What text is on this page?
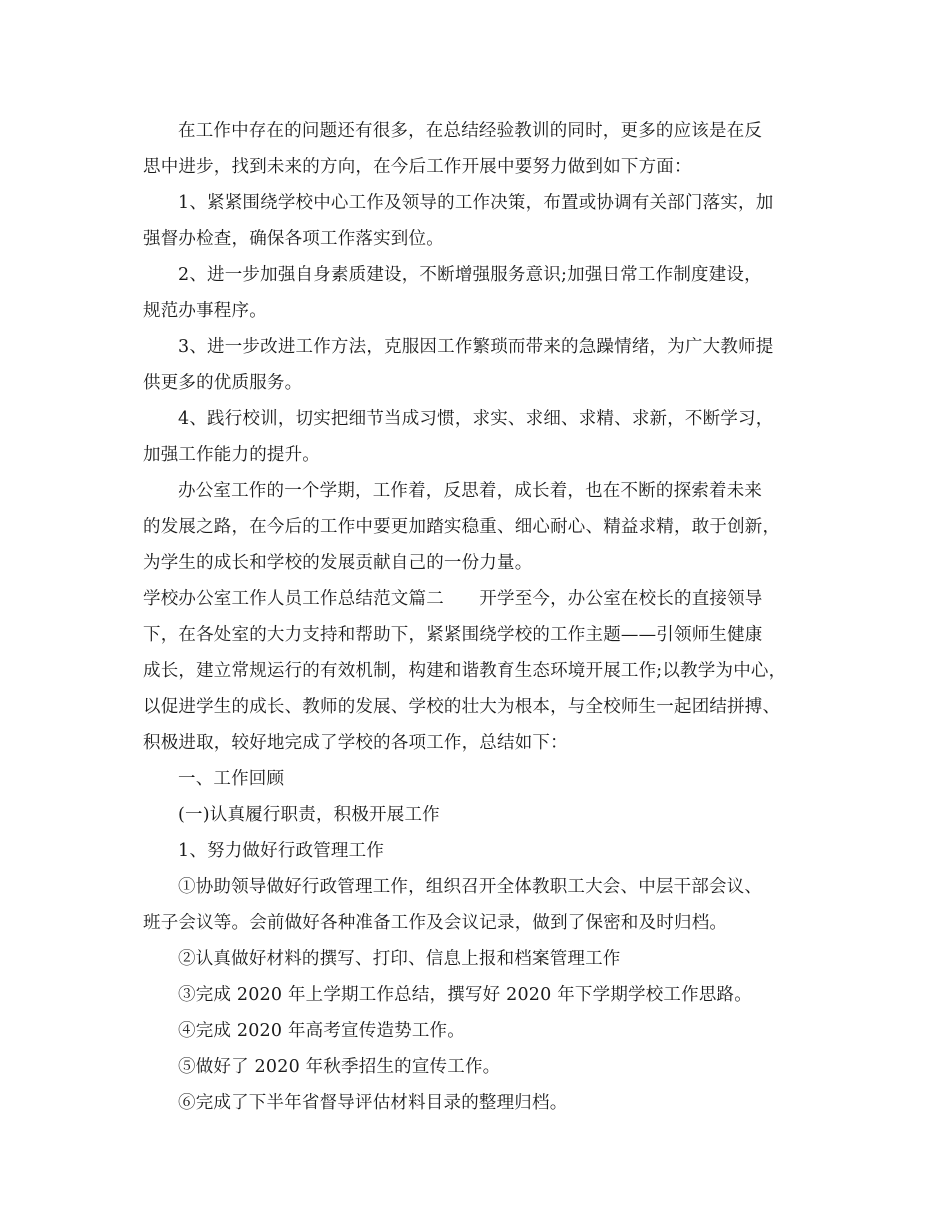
在工作中存在的问题还有很多，在总结经验教训的同时，更多的应该是在反
思中进步，找到未来的方向，在今后工作开展中要努力做到如下方面：

1、紧紧围绕学校中心工作及领导的工作决策，布置或协调有关部门落实，加
强督办检查，确保各项工作落实到位。

2、进一步加强自身素质建设，不断增强服务意识;加强日常工作制度建设，
规范办事程序。

3、进一步改进工作方法，克服因工作繁琐而带来的急躁情绪，为广大教师提
供更多的优质服务。

4、践行校训，切实把细节当成习惯，求实、求细、求精、求新，不断学习，
加强工作能力的提升。

办公室工作的一个学期，工作着，反思着，成长着，也在不断的探索着未来
的发展之路，在今后的工作中要更加踏实稳重、细心耐心、精益求精，敢于创新，
为学生的成长和学校的发展贡献自己的一份力量。

学校办公室工作人员工作总结范文篇二　　开学至今，办公室在校长的直接领导
下，在各处室的大力支持和帮助下，紧紧围绕学校的工作主题——引领师生健康
成长，建立常规运行的有效机制，构建和谐教育生态环境开展工作;以教学为中心，
以促进学生的成长、教师的发展、学校的壮大为根本，与全校师生一起团结拼搏、
积极进取，较好地完成了学校的各项工作，总结如下：

一、工作回顾

(一)认真履行职责，积极开展工作

1、努力做好行政管理工作

①协助领导做好行政管理工作，组织召开全体教职工大会、中层干部会议、
班子会议等。会前做好各种准备工作及会议记录，做到了保密和及时归档。

②认真做好材料的撰写、打印、信息上报和档案管理工作

③完成 2020 年上学期工作总结，撰写好 2020 年下学期学校工作思路。

④完成 2020 年高考宣传造势工作。

⑤做好了 2020 年秋季招生的宣传工作。

⑥完成了下半年省督导评估材料目录的整理归档。
